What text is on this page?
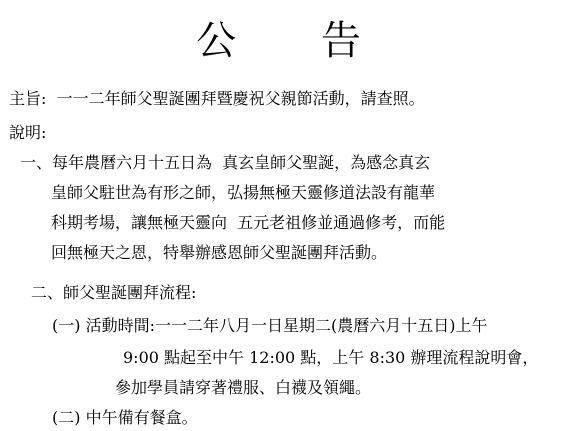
公 告
主旨:  一一二年師父聖誕團拜暨慶祝父親節活動，請查照。
說明:
一、每年農曆六月十五日為  真玄皇師父聖誕，為感念真玄
皇師父駐世為有形之師，弘揚無極天靈修道法設有龍華
科期考場，讓無極天靈向  五元老祖修並通過修考，而能
回無極天之恩，特舉辦感恩師父聖誕團拜活動。
二、師父聖誕團拜流程:
(一) 活動時間:一一二年八月一日星期二(農曆六月十五日)上午
9:00 點起至中午 12:00 點，上午 8:30 辦理流程說明會，
參加學員請穿著禮服、白襪及領繩。
(二) 中午備有餐盒。
